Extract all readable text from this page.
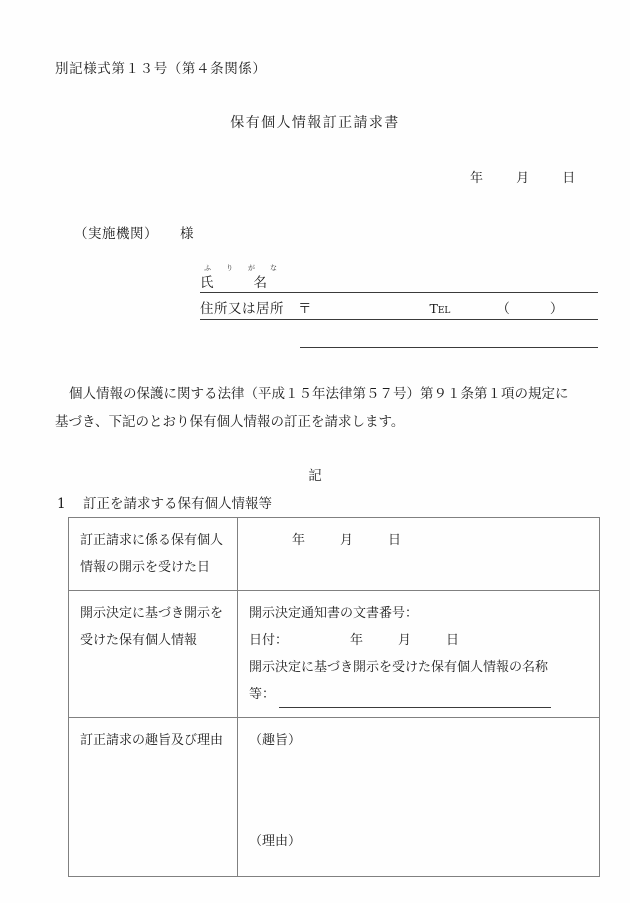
別記様式第１３号（第４条関係）
保有個人情報訂正請求書
年	月	日
（実施機関） 様
ふ り が な
氏	名
住所又は居所 〒	Tel	（	）
個人情報の保護に関する法律（平成１５年法律第５７号）第９１条第１項の規定に
基づき、下記のとおり保有個人情報の訂正を請求します。
記
1 訂正を請求する保有個人情報等
訂正請求に係る保有個人
情報の開示を受けた日	年 月 日

開示決定に基づき開示を
受けた保有個人情報	開示決定通知書の文書番号：
日付： 年 月 日
開示決定に基づき開示を受けた保有個人情報の名称
等：

訂正請求の趣旨及び理由	（趣旨）
（理由）
